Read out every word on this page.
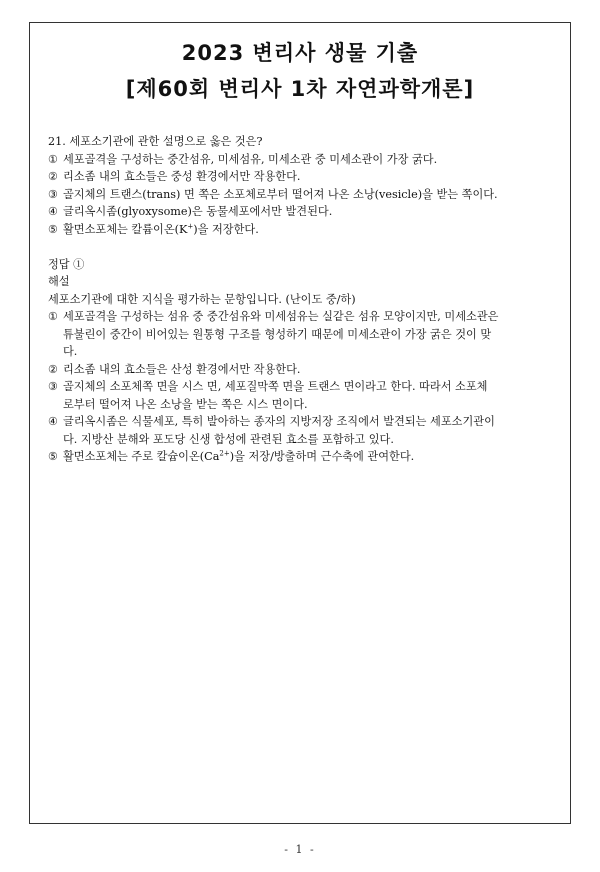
2023 변리사 생물 기출
[제60회 변리사 1차 자연과학개론]
21. 세포소기관에 관한 설명으로 옳은 것은?
① 세포골격을 구성하는 중간섬유, 미세섬유, 미세소관 중 미세소관이 가장 굵다.
② 리소좀 내의 효소들은 중성 환경에서만 작용한다.
③ 골지체의 트랜스(trans) 면 쪽은 소포체로부터 떨어져 나온 소낭(vesicle)을 받는 쪽이다.
④ 글리옥시좀(glyoxysome)은 동물세포에서만 발견된다.
⑤ 활면소포체는 칼륨이온(K+)을 저장한다.
정답 ①
해설
세포소기관에 대한 지식을 평가하는 문항입니다. (난이도 중/하)
① 세포골격을 구성하는 섬유 중 중간섬유와 미세섬유는 실같은 섬유 모양이지만, 미세소관은
튜불린이 중간이 비어있는 원통형 구조를 형성하기 때문에 미세소관이 가장 굵은 것이 맞
다.
② 리소좀 내의 효소들은 산성 환경에서만 작용한다.
③ 골지체의 소포체쪽 면을 시스 면, 세포질막쪽 면을 트랜스 면이라고 한다. 따라서 소포체
로부터 떨어져 나온 소낭을 받는 쪽은 시스 면이다.
④ 글리옥시좀은 식물세포, 특히 발아하는 종자의 지방저장 조직에서 발견되는 세포소기관이
다. 지방산 분해와 포도당 신생 합성에 관련된 효소를 포함하고 있다.
⑤ 활면소포체는 주로 칼슘이온$(Ca^{2+})$을 저장/방출하며 근수축에 관여한다.
- 1 -
